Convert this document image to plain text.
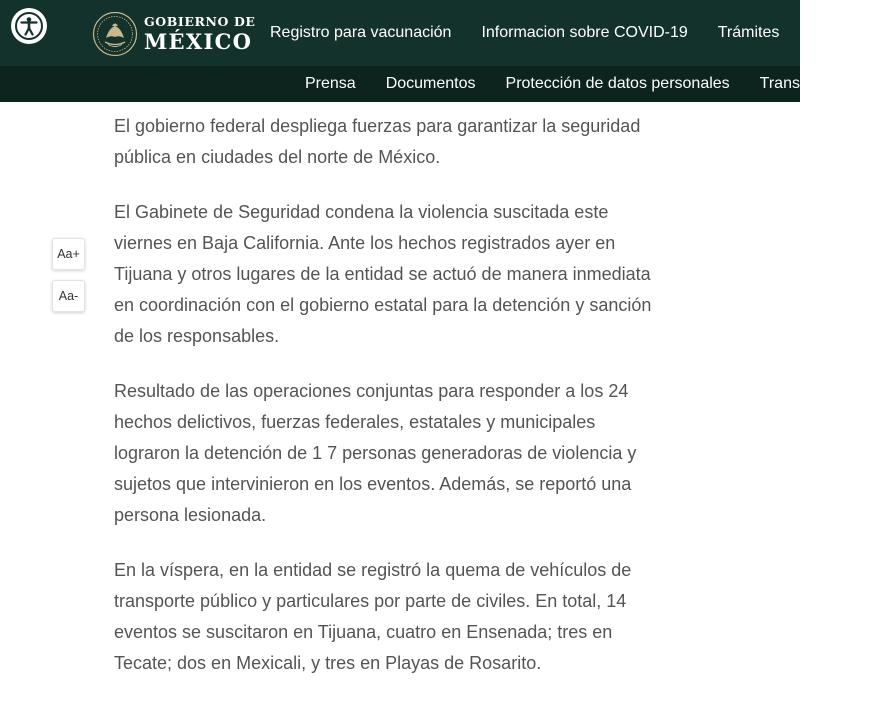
GOBIERNO DE
MÉXICO Registro para vacunación Informacion sobre COVID-19 Trámites
Prensa Documentos Protección de datos personales Transparencia
Aa+
Aa-

El gobierno federal despliega fuerzas para garantizar la seguridad pública en ciudades del norte de México.

El Gabinete de Seguridad condena la violencia suscitada este viernes en Baja California. Ante los hechos registrados ayer en Tijuana y otros lugares de la entidad se actuó de manera inmediata en coordinación con el gobierno estatal para la detención y sanción de los responsables.

Resultado de las operaciones conjuntas para responder a los 24 hechos delictivos, fuerzas federales, estatales y municipales lograron la detención de 1 7 personas generadoras de violencia y sujetos que intervinieron en los eventos. Además, se reportó una persona lesionada.

En la víspera, en la entidad se registró la quema de vehículos de transporte público y particulares por parte de civiles. En total, 14 eventos se suscitaron en Tijuana, cuatro en Ensenada; tres en Tecate; dos en Mexicali, y tres en Playas de Rosarito.
